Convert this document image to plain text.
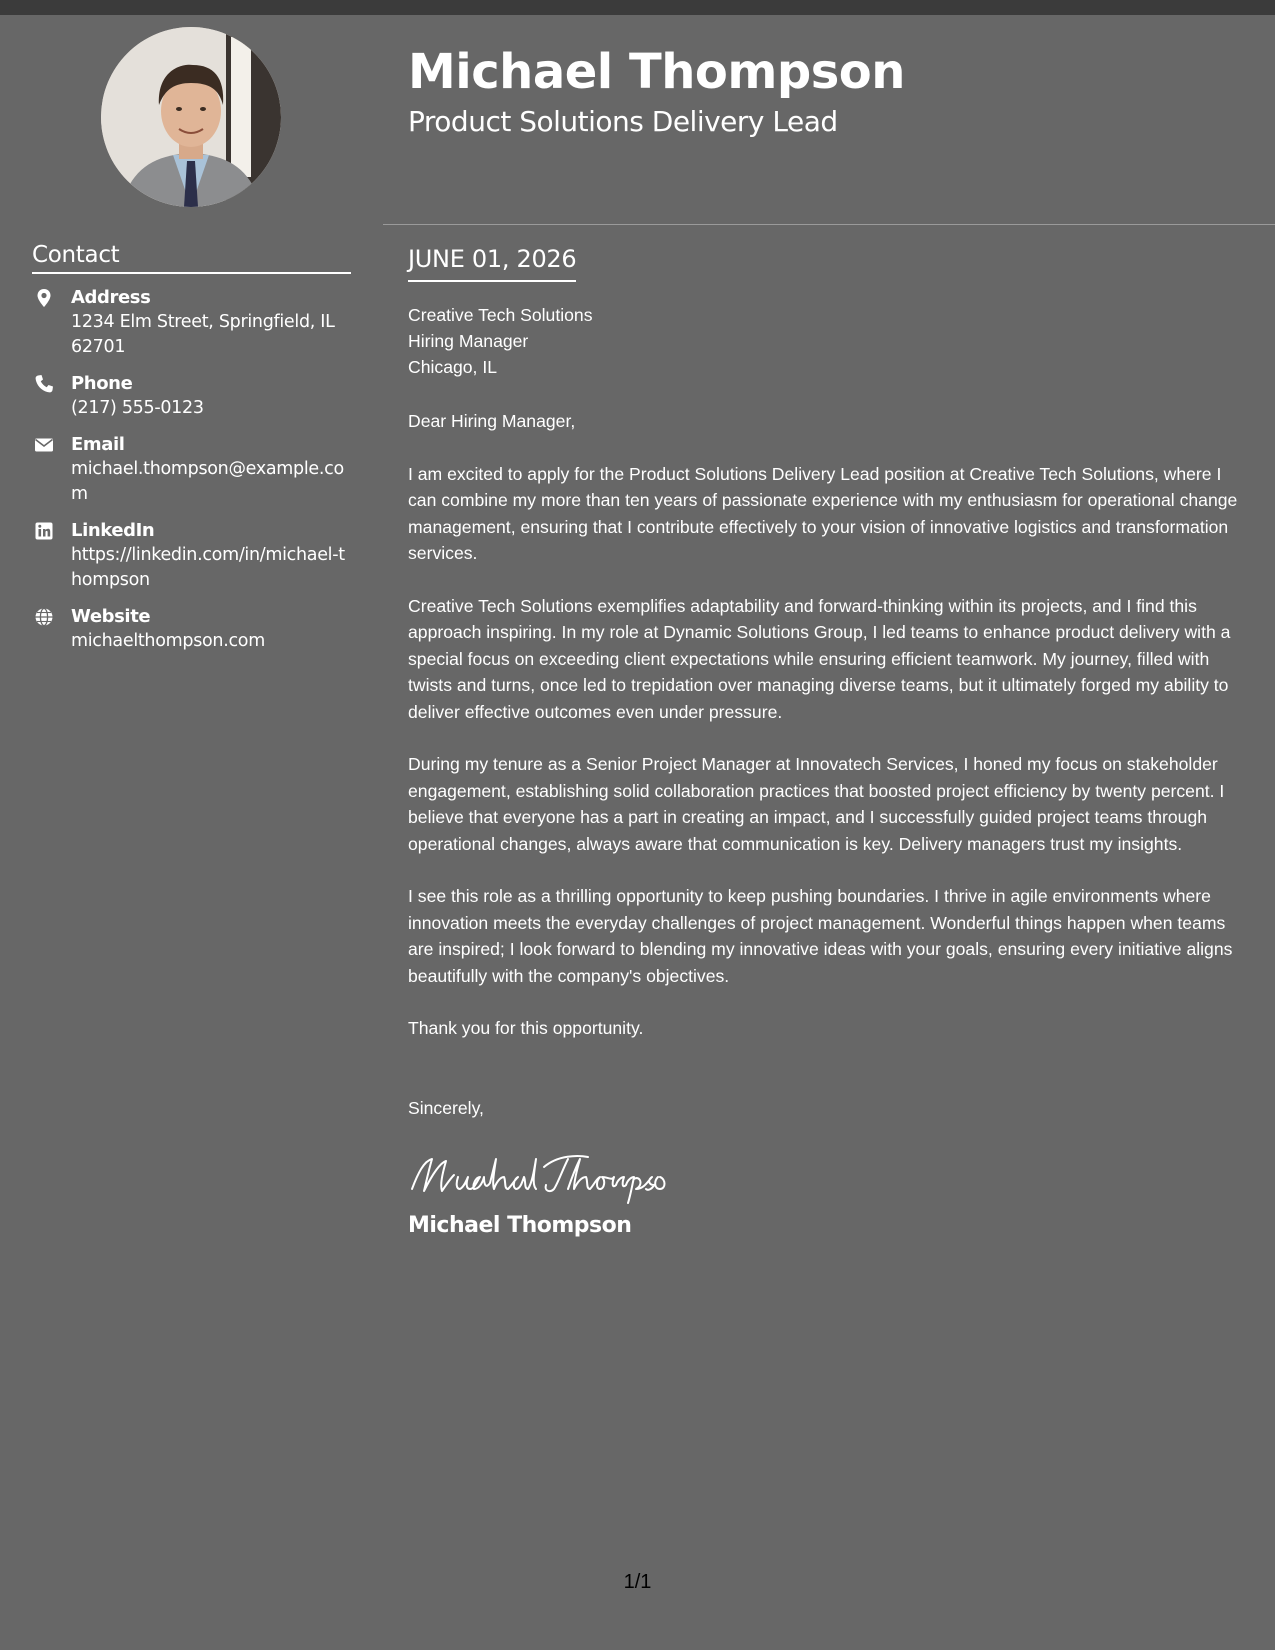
Contact
Address
1234 Elm Street, Springfield, IL 62701
Phone
(217) 555-0123
Email
michael.thompson@example.com
LinkedIn
https://linkedin.com/in/michael-thompson
Website
michaelthompson.com
Michael Thompson
Product Solutions Delivery Lead
JUNE 01, 2026
Creative Tech Solutions
Hiring Manager
Chicago, IL
Dear Hiring Manager,
I am excited to apply for the Product Solutions Delivery Lead position at Creative Tech Solutions, where I can combine my more than ten years of passionate experience with my enthusiasm for operational change management, ensuring that I contribute effectively to your vision of innovative logistics and transformation services.
Creative Tech Solutions exemplifies adaptability and forward-thinking within its projects, and I find this approach inspiring. In my role at Dynamic Solutions Group, I led teams to enhance product delivery with a special focus on exceeding client expectations while ensuring efficient teamwork. My journey, filled with twists and turns, once led to trepidation over managing diverse teams, but it ultimately forged my ability to deliver effective outcomes even under pressure.
During my tenure as a Senior Project Manager at Innovatech Services, I honed my focus on stakeholder engagement, establishing solid collaboration practices that boosted project efficiency by twenty percent. I believe that everyone has a part in creating an impact, and I successfully guided project teams through operational changes, always aware that communication is key. Delivery managers trust my insights.
I see this role as a thrilling opportunity to keep pushing boundaries. I thrive in agile environments where innovation meets the everyday challenges of project management. Wonderful things happen when teams are inspired; I look forward to blending my innovative ideas with your goals, ensuring every initiative aligns beautifully with the company's objectives.
Thank you for this opportunity.
Sincerely,
Michael Thompson
1/1
